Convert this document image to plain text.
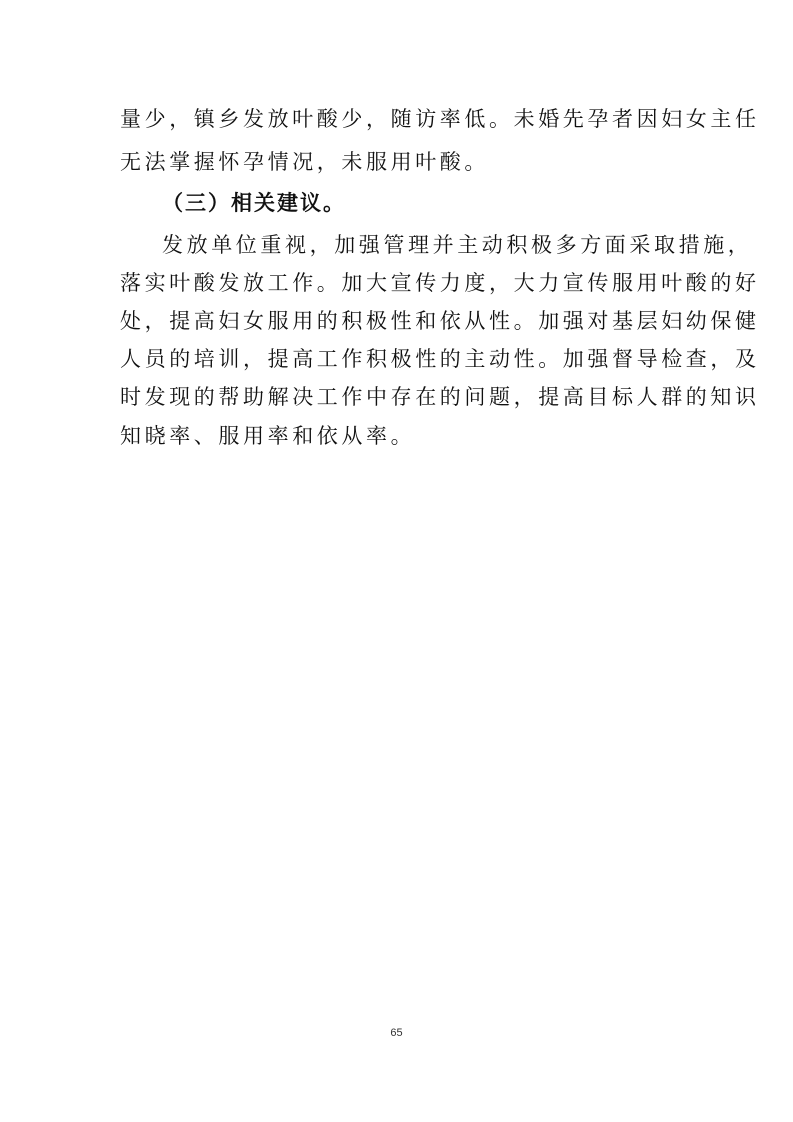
量少，镇乡发放叶酸少，随访率低。未婚先孕者因妇女主任
无法掌握怀孕情况，未服用叶酸。
（三）相关建议。
发放单位重视，加强管理并主动积极多方面采取措施，
落实叶酸发放工作。加大宣传力度，大力宣传服用叶酸的好
处，提高妇女服用的积极性和依从性。加强对基层妇幼保健
人员的培训，提高工作积极性的主动性。加强督导检查，及
时发现的帮助解决工作中存在的问题，提高目标人群的知识
知晓率、服用率和依从率。
65
